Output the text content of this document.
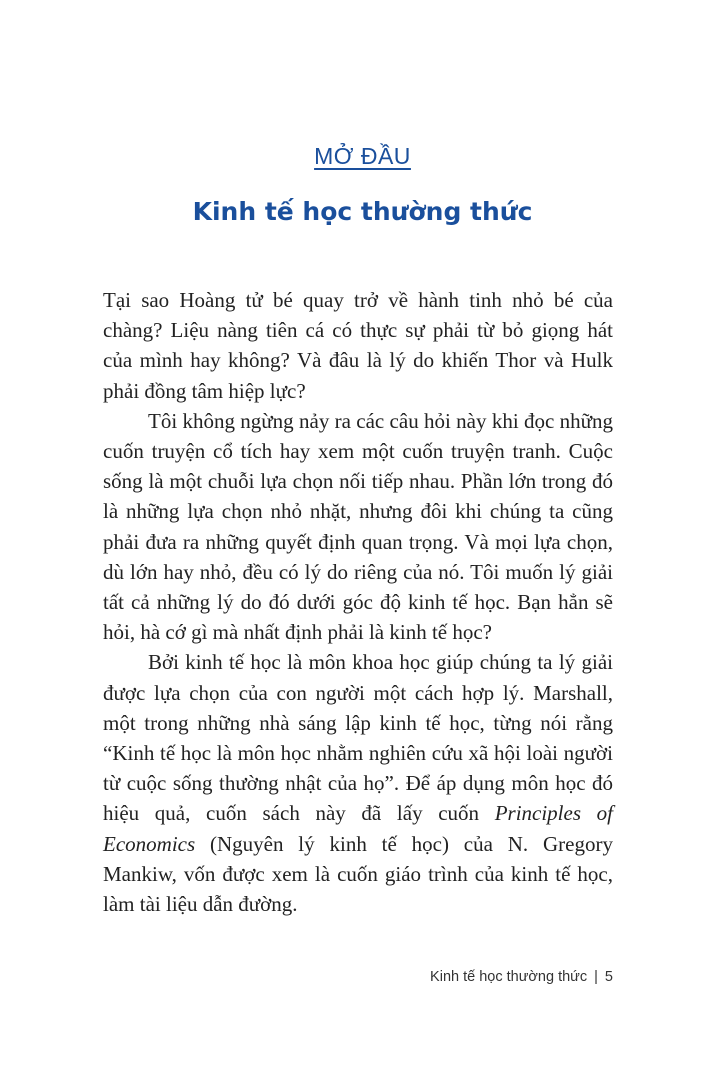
MỞ ĐẦU
Kinh tế học thường thức

Tại sao Hoàng tử bé quay trở về hành tinh nhỏ bé của chàng? Liệu nàng tiên cá có thực sự phải từ bỏ giọng hát của mình hay không? Và đâu là lý do khiến Thor và Hulk phải đồng tâm hiệp lực?

Tôi không ngừng nảy ra các câu hỏi này khi đọc những cuốn truyện cổ tích hay xem một cuốn truyện tranh. Cuộc sống là một chuỗi lựa chọn nối tiếp nhau. Phần lớn trong đó là những lựa chọn nhỏ nhặt, nhưng đôi khi chúng ta cũng phải đưa ra những quyết định quan trọng. Và mọi lựa chọn, dù lớn hay nhỏ, đều có lý do riêng của nó. Tôi muốn lý giải tất cả những lý do đó dưới góc độ kinh tế học. Bạn hẳn sẽ hỏi, hà cớ gì mà nhất định phải là kinh tế học?

Bởi kinh tế học là môn khoa học giúp chúng ta lý giải được lựa chọn của con người một cách hợp lý. Marshall, một trong những nhà sáng lập kinh tế học, từng nói rằng “Kinh tế học là môn học nhằm nghiên cứu xã hội loài người từ cuộc sống thường nhật của họ”. Để áp dụng môn học đó hiệu quả, cuốn sách này đã lấy cuốn Principles of Economics (Nguyên lý kinh tế học) của N. Gregory Mankiw, vốn được xem là cuốn giáo trình của kinh tế học, làm tài liệu dẫn đường.

Kinh tế học thường thức | 5
